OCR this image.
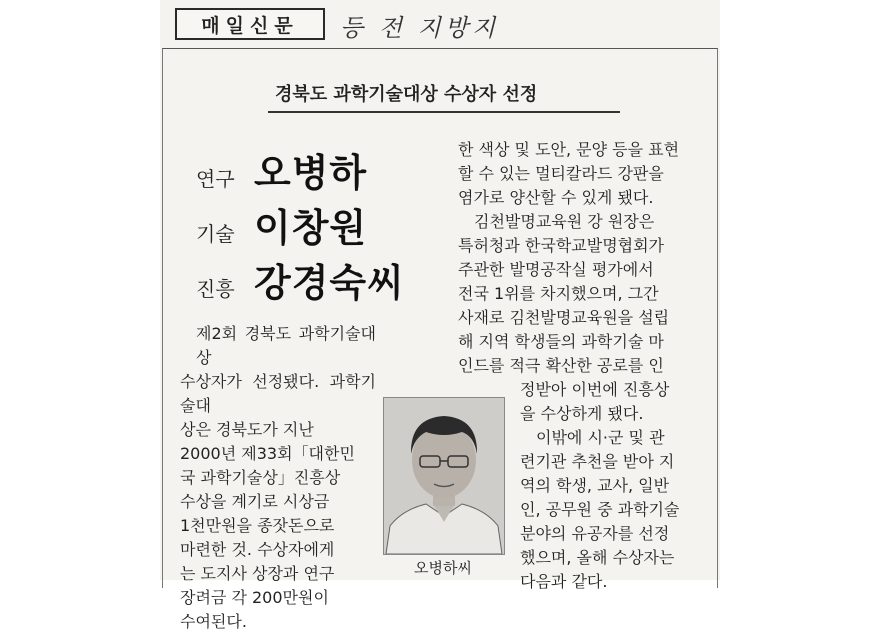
매일신문	등 전 지방지
경북도 과학기술대상 수상자 선정
연구 오병하
기술 이창원
진흥 강경숙씨

제2회 경북도 과학기술대상

수상자가 선정됐다. 과학기술대

상은 경북도가 지난

2000년 제33회「대한민

국 과학기술상」진흥상

수상을 계기로 시상금

1천만원을 종잣돈으로

마련한 것. 수상자에게

는 도지사 상장과 연구

장려금 각 200만원이

수여된다.

오병하씨

한 색상 및 도안, 문양 등을 표현

할 수 있는 멀티칼라드 강판을

염가로 양산할 수 있게 됐다.

김천발명교육원 강 원장은

특허청과 한국학교발명협회가

주관한 발명공작실 평가에서

전국 1위를 차지했으며, 그간

사재로 김천발명교육원을 설립

해 지역 학생들의 과학기술 마

인드를 적극 확산한 공로를 인

정받아 이번에 진흥상

을 수상하게 됐다.

이밖에 시·군 및 관

련기관 추천을 받아 지

역의 학생, 교사, 일반

인, 공무원 중 과학기술

분야의 유공자를 선정

했으며, 올해 수상자는

다음과 같다.
